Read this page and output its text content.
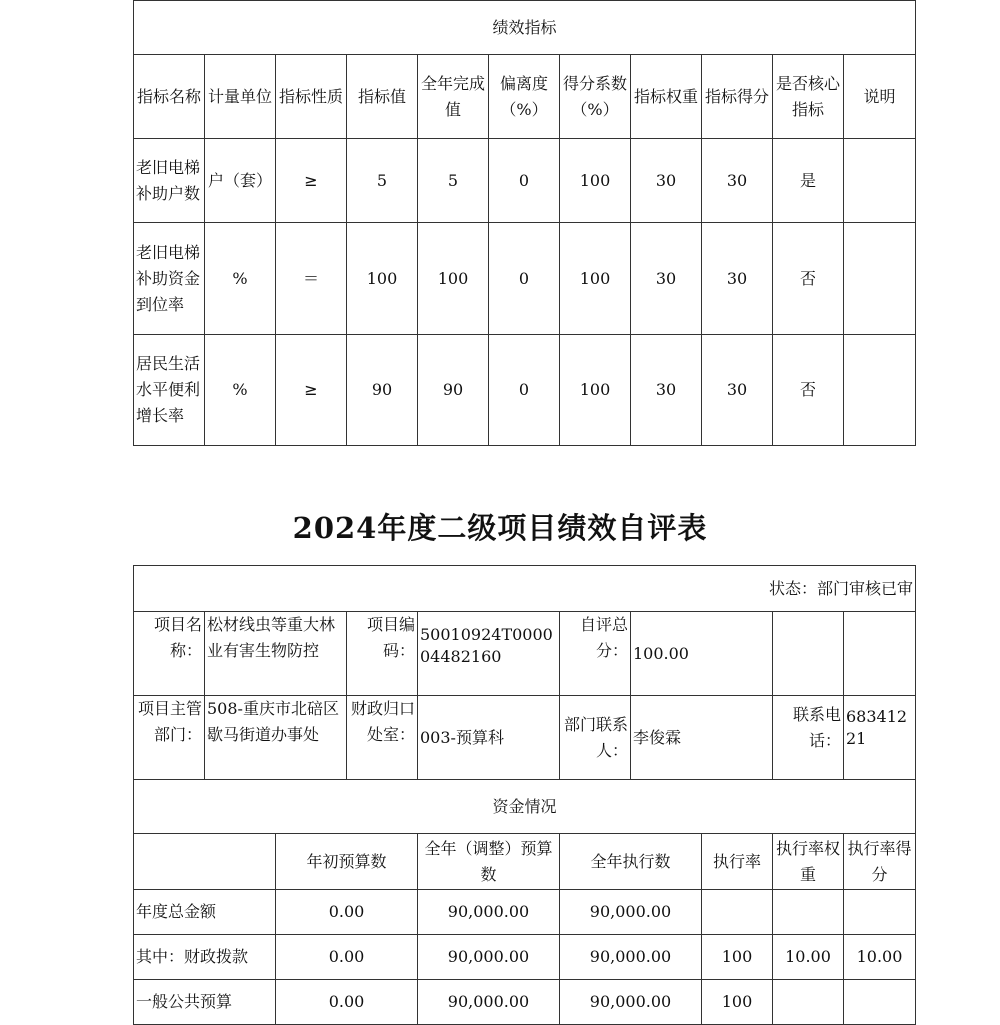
绩效指标										
指标名称	计量单位	指标性质	指标值	全年完成值	偏离度（%）	得分系数（%）	指标权重	指标得分	是否核心指标	说明
老旧电梯补助户数	户（套）	≥	5	5	0	100	30	30	是	
老旧电梯补助资金到位率	%	＝	100	100	0	100	30	30	否	
居民生活水平便利增长率	%	≥	90	90	0	100	30	30	否	
2024年度二级项目绩效自评表
状态：部门审核已审									
项目名称：	松材线虫等重大林业有害生物防控		项目编码：	50010924T000004482160	自评总分：	100.00			
项目主管部门：	508-重庆市北碚区歇马街道办事处		财政归口处室：	003-预算科	部门联系人：	李俊霖		联系电话：	68341221
资金情况									
		年初预算数		全年（调整）预算数	全年执行数		执行率	执行率权重	执行率得分
年度总金额		0.00		90,000.00	90,000.00				
其中：财政拨款		0.00		90,000.00	90,000.00		100	10.00	10.00
一般公共预算		0.00		90,000.00	90,000.00		100		
